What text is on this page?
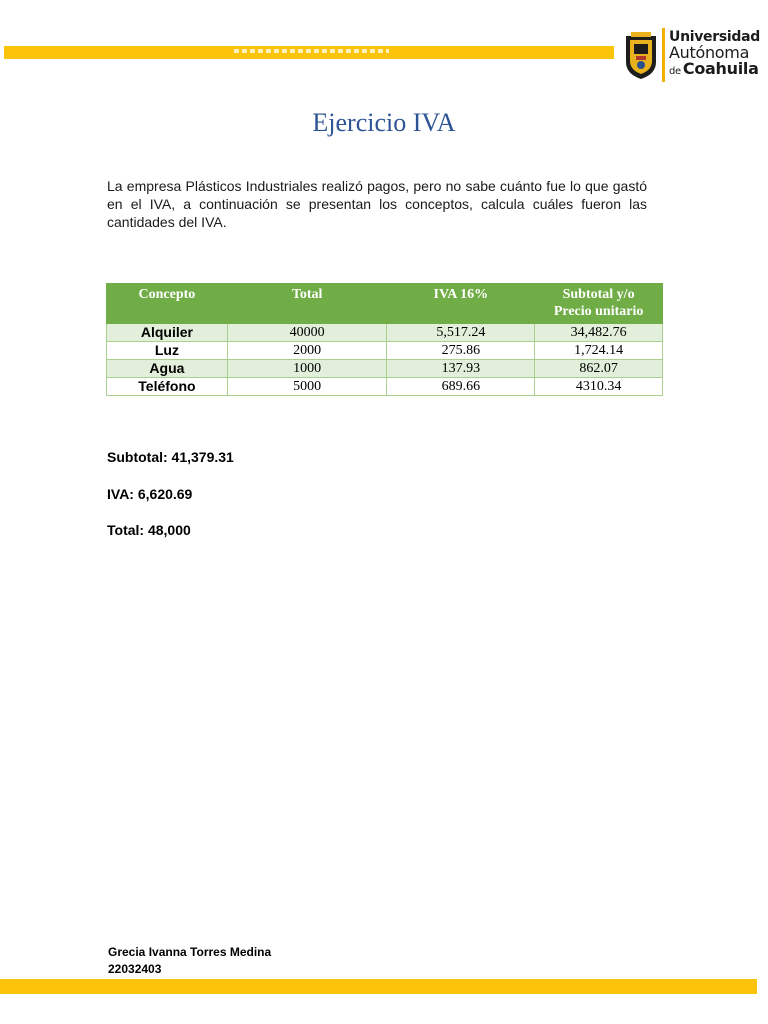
Universidad
Autónoma
de Coahuila
Ejercicio IVA
La empresa Plásticos Industriales realizó pagos, pero no sabe cuánto fue lo que gastó en el IVA, a continuación se presentan los conceptos, calcula cuáles fueron las cantidades del IVA.
Concepto	Total	IVA 16%	Subtotal y/o
Precio unitario
Alquiler	40000	5,517.24	34,482.76
Luz	2000	275.86	1,724.14
Agua	1000	137.93	862.07
Teléfono	5000	689.66	4310.34
Subtotal: 41,379.31
IVA: 6,620.69
Total: 48,000
Grecia Ivanna Torres Medina
22032403
